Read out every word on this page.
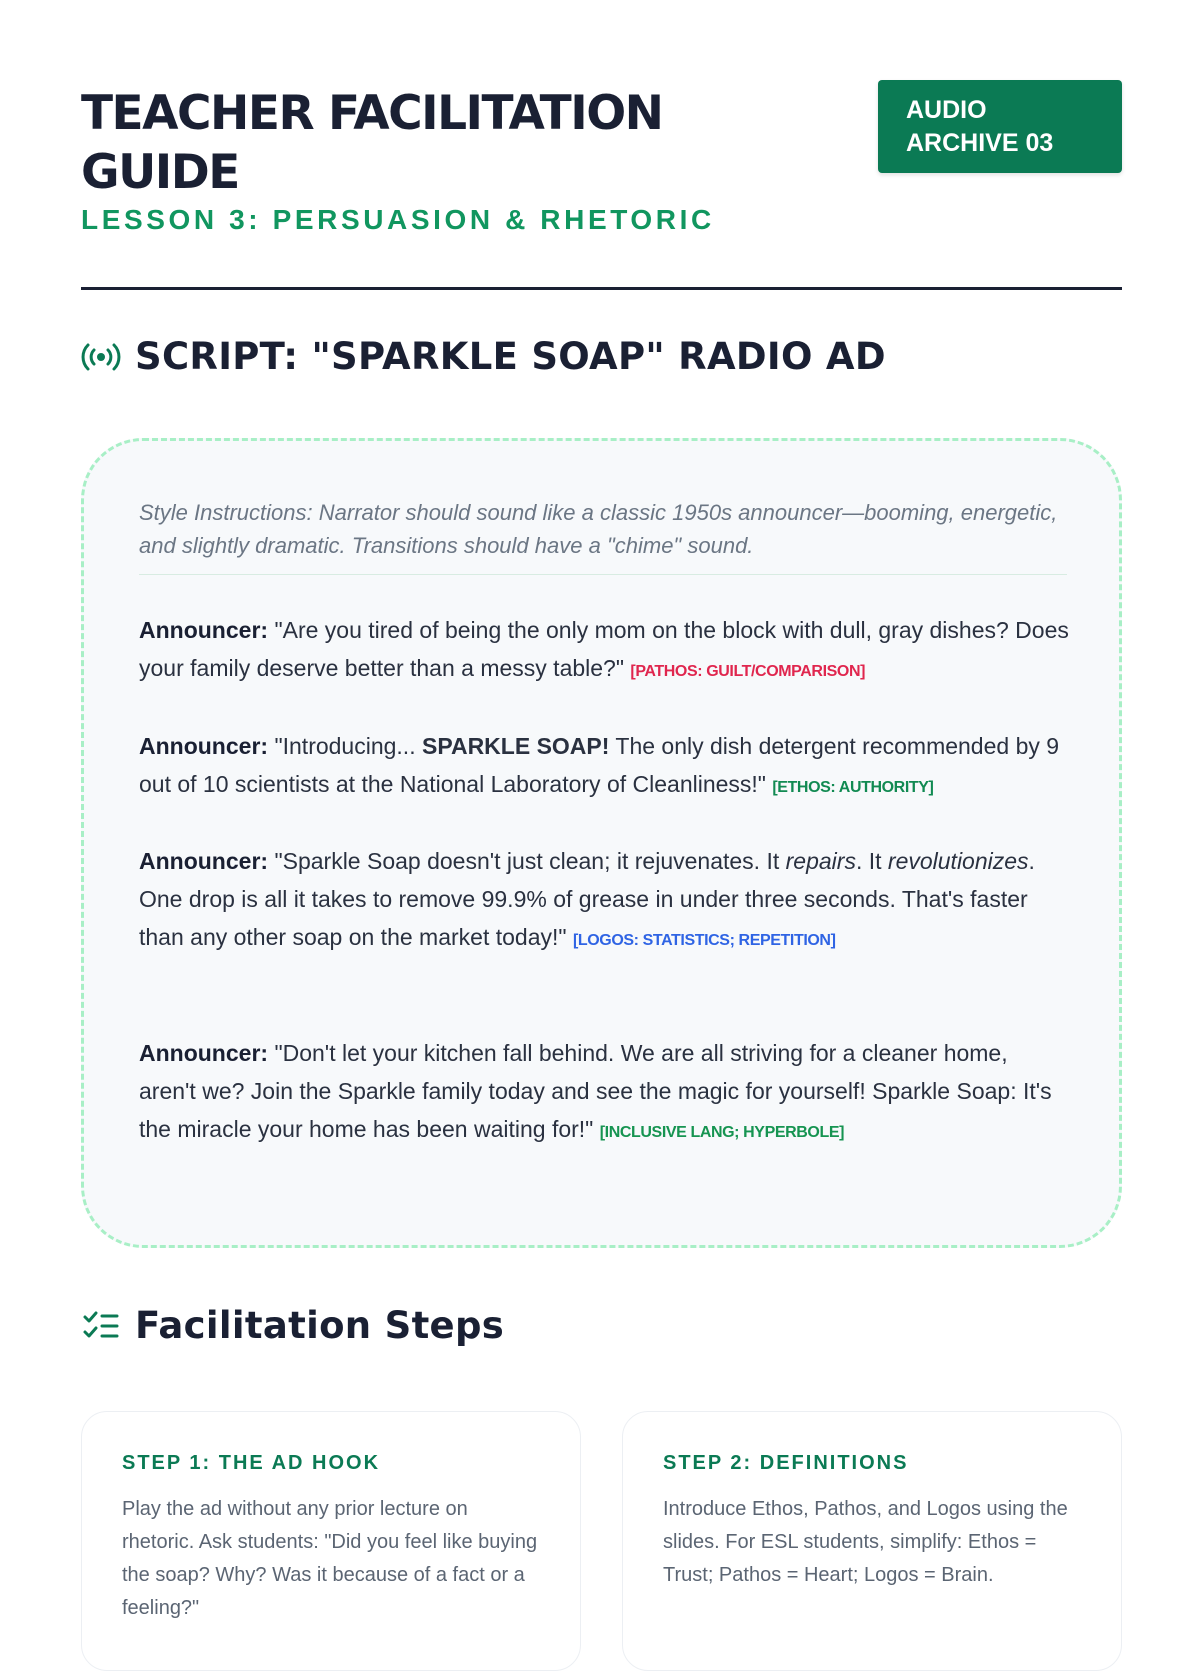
TEACHER FACILITATION GUIDE

LESSON 3: PERSUASION & RHETORIC

AUDIO ARCHIVE 03
SCRIPT: "SPARKLE SOAP" RADIO AD

Style Instructions: Narrator should sound like a classic 1950s announcer—booming, energetic, and slightly dramatic. Transitions should have a "chime" sound.

Announcer: "Are you tired of being the only mom on the block with dull, gray dishes? Does your family deserve better than a messy table?" [PATHOS: GUILT/COMPARISON]

Announcer: "Introducing... SPARKLE SOAP! The only dish detergent recommended by 9 out of 10 scientists at the National Laboratory of Cleanliness!" [ETHOS: AUTHORITY]

Announcer: "Sparkle Soap doesn't just clean; it rejuvenates. It repairs. It revolutionizes. One drop is all it takes to remove 99.9% of grease in under three seconds. That's faster than any other soap on the market today!" [LOGOS: STATISTICS; REPETITION]

Announcer: "Don't let your kitchen fall behind. We are all striving for a cleaner home, aren't we? Join the Sparkle family today and see the magic for yourself! Sparkle Soap: It's the miracle your home has been waiting for!" [INCLUSIVE LANG; HYPERBOLE]

Facilitation Steps
STEP 1: THE AD HOOK

Play the ad without any prior lecture on rhetoric. Ask students: "Did you feel like buying the soap? Why? Was it because of a fact or a feeling?"

STEP 2: DEFINITIONS

Introduce Ethos, Pathos, and Logos using the slides. For ESL students, simplify: Ethos = Trust; Pathos = Heart; Logos = Brain.
